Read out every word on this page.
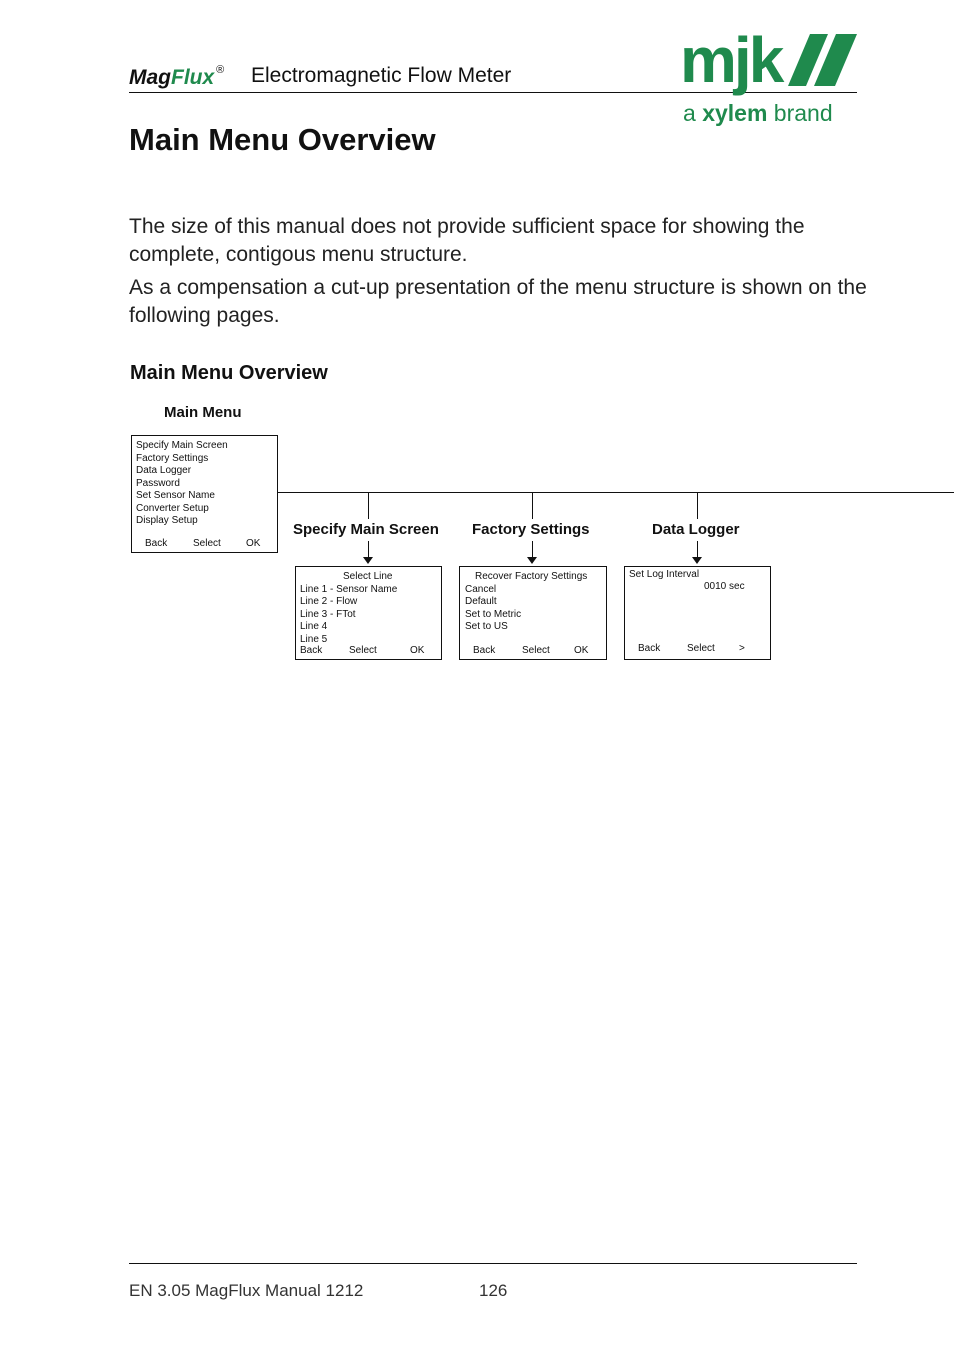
MagFlux ® Electromagnetic Flow Meter	mjk
a xylem brand
Main Menu Overview
The size of this manual does not provide sufficient space for showing the complete, contigous menu structure.
As a compensation a cut-up presentation of the menu structure is shown on the following pages.
Main Menu Overview
Main Menu
Specify Main Screen
Factory Settings
Data Logger
Password
Set Sensor Name
Converter Setup
Display Setup
Back	Select	OK
Specify Main Screen Factory Settings	Data Logger
Select Line
Line 1 - Sensor Name
Line 2 - Flow
Line 3 - FTot
Line 4
Line 5
Back	Select	OK
Recover Factory Settings
Cancel
Default
Set to Metric
Set to US
Back	Select OK
Set Log Interval
0010 sec
Back	Select >
EN 3.05 MagFlux Manual 1212	126
